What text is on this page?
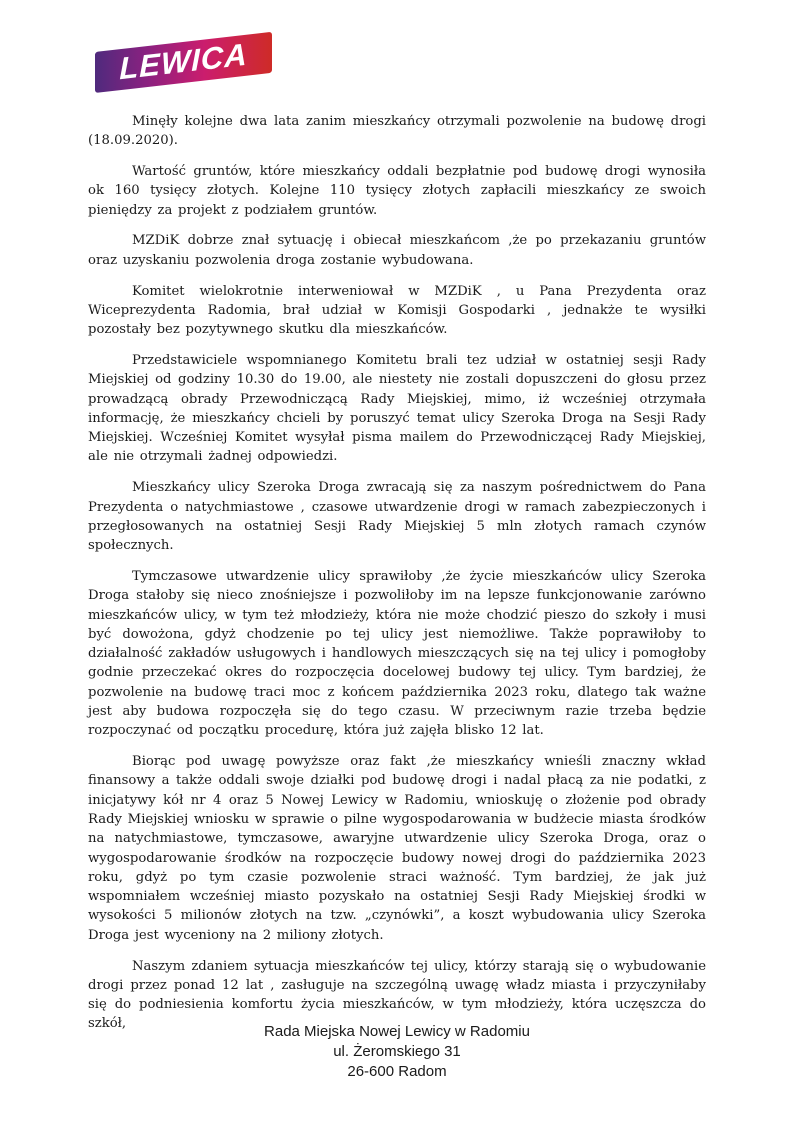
LEWICA

Minęły kolejne dwa lata zanim mieszkańcy otrzymali pozwolenie na budowę drogi (18.09.2020).

Wartość gruntów, które mieszkańcy oddali bezpłatnie pod budowę drogi wynosiła ok 160 tysięcy złotych. Kolejne 110 tysięcy złotych zapłacili mieszkańcy ze swoich pieniędzy za projekt z podziałem gruntów.

MZDiK dobrze znał sytuację i obiecał mieszkańcom ,że po przekazaniu gruntów oraz uzyskaniu pozwolenia droga zostanie wybudowana.

Komitet wielokrotnie interweniował w MZDiK , u Pana Prezydenta oraz Wiceprezydenta Radomia, brał udział w Komisji Gospodarki , jednakże te wysiłki pozostały bez pozytywnego skutku dla mieszkańców.

Przedstawiciele wspomnianego Komitetu brali tez udział w ostatniej sesji Rady Miejskiej od godziny 10.30 do 19.00, ale niestety nie zostali dopuszczeni do głosu przez prowadzącą obrady Przewodniczącą Rady Miejskiej, mimo, iż wcześniej otrzymała informację, że mieszkańcy chcieli by poruszyć temat ulicy Szeroka Droga na Sesji Rady Miejskiej. Wcześniej Komitet wysyłał pisma mailem do Przewodniczącej Rady Miejskiej, ale nie otrzymali żadnej odpowiedzi.

Mieszkańcy ulicy Szeroka Droga zwracają się za naszym pośrednictwem do Pana Prezydenta o natychmiastowe , czasowe utwardzenie drogi w ramach zabezpieczonych i przegłosowanych na ostatniej Sesji Rady Miejskiej 5 mln złotych ramach czynów społecznych.

Tymczasowe utwardzenie ulicy sprawiłoby ,że życie mieszkańców ulicy Szeroka Droga stałoby się nieco znośniejsze i pozwoliłoby im na lepsze funkcjonowanie zarówno mieszkańców ulicy, w tym też młodzieży, która nie może chodzić pieszo do szkoły i musi być dowożona, gdyż chodzenie po tej ulicy jest niemożliwe. Także poprawiłoby to działalność zakładów usługowych i handlowych mieszczących się na tej ulicy i pomogłoby godnie przeczekać okres do rozpoczęcia docelowej budowy tej ulicy. Tym bardziej, że pozwolenie na budowę traci moc z końcem października 2023 roku, dlatego tak ważne jest aby budowa rozpoczęła się do tego czasu. W przeciwnym razie trzeba będzie rozpoczynać od początku procedurę, która już zajęła blisko 12 lat.

Biorąc pod uwagę powyższe oraz fakt ,że mieszkańcy wnieśli znaczny wkład finansowy a także oddali swoje działki pod budowę drogi i nadal płacą za nie podatki, z inicjatywy kół nr 4 oraz 5 Nowej Lewicy w Radomiu, wnioskuję o złożenie pod obrady Rady Miejskiej wniosku w sprawie o pilne wygospodarowania w budżecie miasta środków na natychmiastowe, tymczasowe, awaryjne utwardzenie ulicy Szeroka Droga, oraz o wygospodarowanie środków na rozpoczęcie budowy nowej drogi do października 2023 roku, gdyż po tym czasie pozwolenie straci ważność. Tym bardziej, że jak już wspomniałem wcześniej miasto pozyskało na ostatniej Sesji Rady Miejskiej środki w wysokości 5 milionów złotych na tzw. „czynówki”, a koszt wybudowania ulicy Szeroka Droga jest wyceniony na 2 miliony złotych.

Naszym zdaniem sytuacja mieszkańców tej ulicy, którzy starają się o wybudowanie drogi przez ponad 12 lat , zasługuje na szczególną uwagę władz miasta i przyczyniłaby się do podniesienia komfortu życia mieszkańców, w tym młodzieży, która uczęszcza do szkół,	Rada Miejska Nowej Lewicy w Radomiu
ul. Żeromskiego 31
26-600 Radom
